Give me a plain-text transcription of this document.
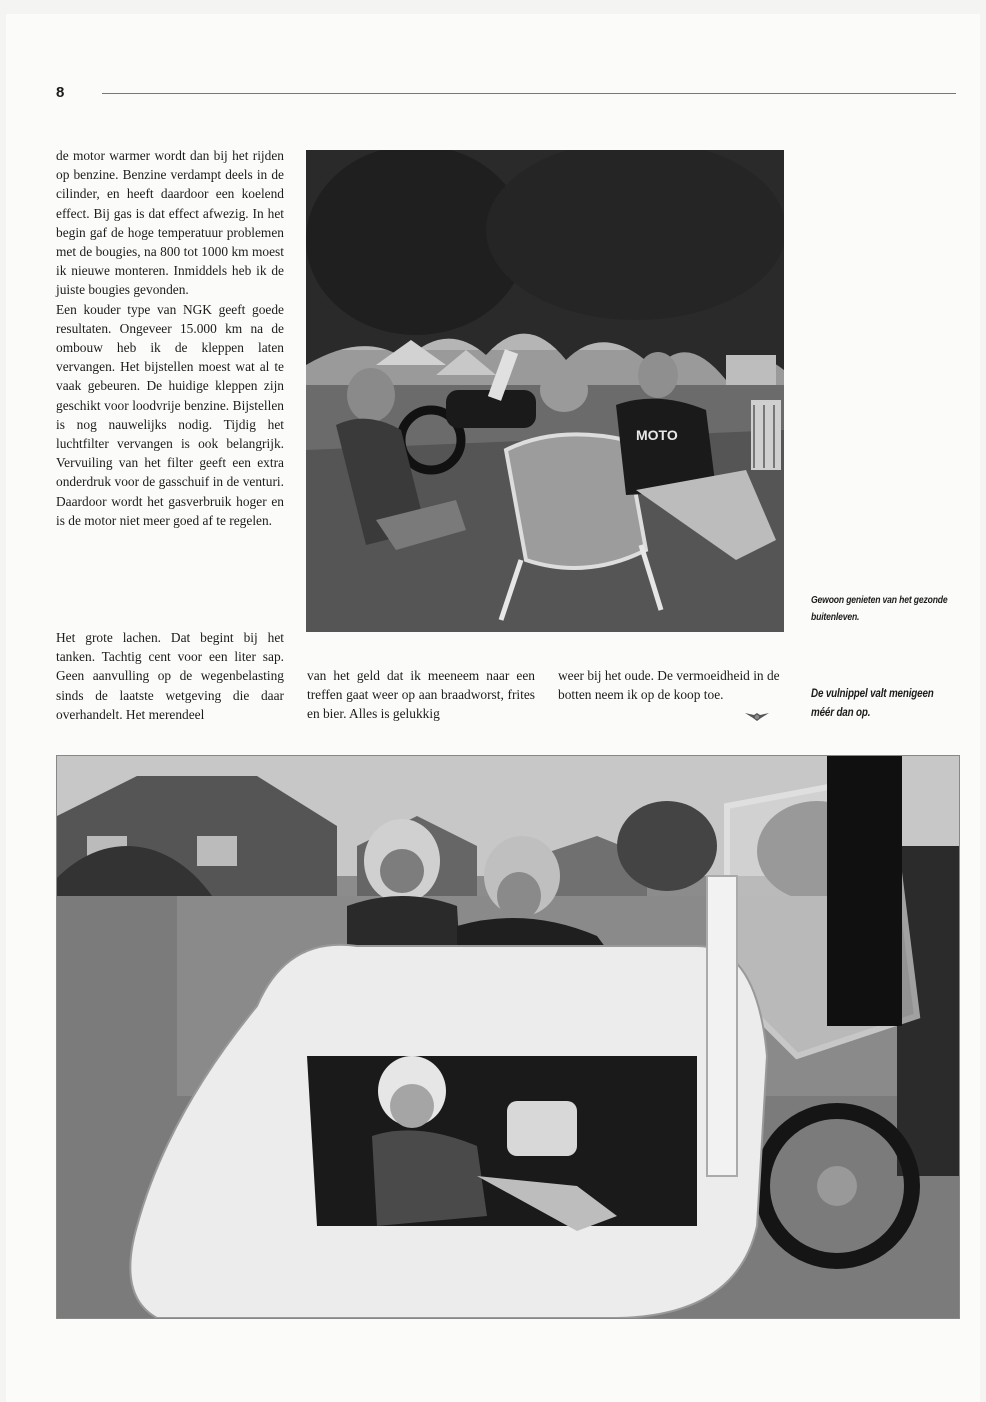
8

de motor warmer wordt dan bij het rijden op benzine. Benzine verdampt deels in de cilinder, en heeft daardoor een koelend effect. Bij gas is dat effect afwezig. In het begin gaf de hoge temperatuur problemen met de bougies, na 800 tot 1000 km moest ik nieuwe monteren. Inmiddels heb ik de juiste bougies gevonden.

Een kouder type van NGK geeft goede resultaten. Ongeveer 15.000 km na de ombouw heb ik de kleppen laten vervangen. Het bijstellen moest wat al te vaak gebeuren. De huidige kleppen zijn geschikt voor loodvrije benzine. Bijstellen is nog nauwelijks nodig. Tijdig het luchtfilter vervangen is ook belangrijk. Vervuiling van het filter geeft een extra onderdruk voor de gasschuif in de venturi. Daardoor wordt het gasverbruik hoger en is de motor niet meer goed af te regelen.

Het grote lachen. Dat begint bij het tanken. Tachtig cent voor een liter sap. Geen aanvulling op de wegenbelasting sinds de laatste wetgeving die daar overhandelt. Het merendeel

van het geld dat ik meeneem naar een treffen gaat weer op aan braadworst, frites en bier. Alles is gelukkig

weer bij het oude. De vermoeidheid in de botten neem ik op de koop toe.

MOTO
Gewoon genieten van het gezonde buitenleven.
De vulnippel valt menigeen méér dan op.
